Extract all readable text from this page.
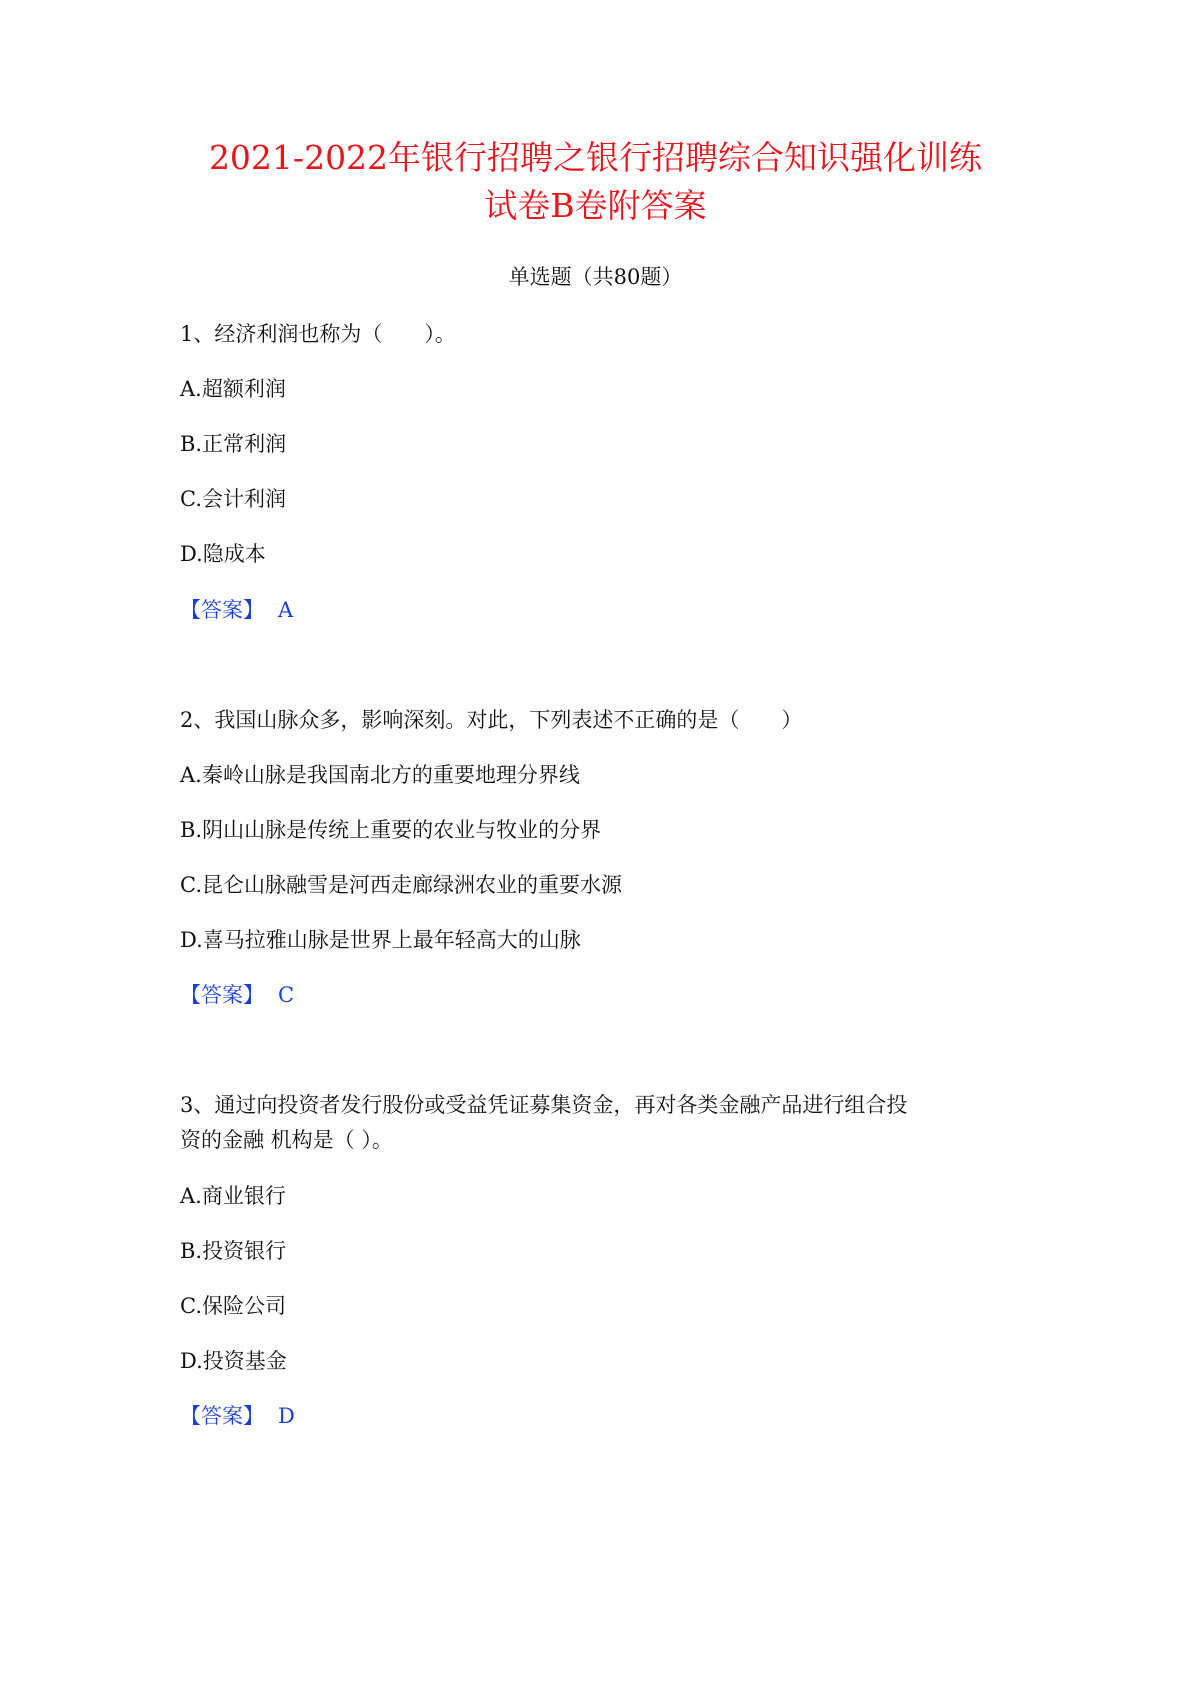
2021-2022年银行招聘之银行招聘综合知识强化训练
试卷B卷附答案
单选题（共80题）
1、经济利润也称为（　　）。
A.超额利润
B.正常利润
C.会计利润
D.隐成本
【答案】 A
2、我国山脉众多，影响深刻。对此，下列表述不正确的是（　　）
A.秦岭山脉是我国南北方的重要地理分界线
B.阴山山脉是传统上重要的农业与牧业的分界
C.昆仑山脉融雪是河西走廊绿洲农业的重要水源
D.喜马拉雅山脉是世界上最年轻高大的山脉
【答案】 C
3、通过向投资者发行股份或受益凭证募集资金，再对各类金融产品进行组合投
资的金融 机构是（ ）。
A.商业银行
B.投资银行
C.保险公司
D.投资基金
【答案】 D
